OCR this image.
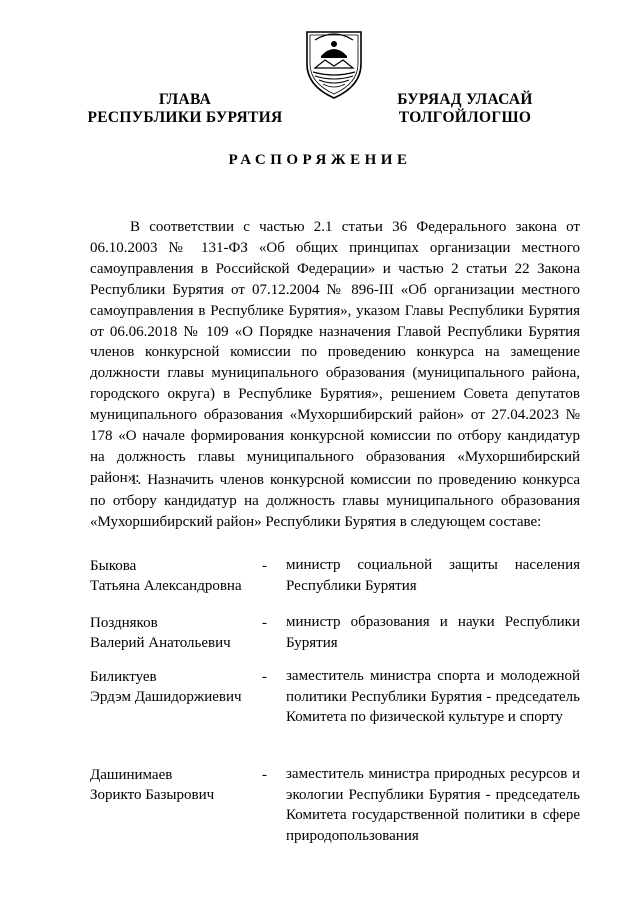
ГЛАВА
РЕСПУБЛИКИ БУРЯТИЯ
БУРЯАД УЛАСАЙ
ТОЛГОЙЛОГШО
РАСПОРЯЖЕНИЕ

В соответствии с частью 2.1 статьи 36 Федерального закона от 06.10.2003 № 131-ФЗ «Об общих принципах организации местного самоуправления в Российской Федерации» и частью 2 статьи 22 Закона Республики Бурятия от 07.12.2004 № 896-III «Об организации местного самоуправления в Республике Бурятия», указом Главы Республики Бурятия от 06.06.2018 № 109 «О Порядке назначения Главой Республики Бурятия членов конкурсной комиссии по проведению конкурса на замещение должности главы муниципального образования (муниципального района, городского округа) в Республике Бурятия», решением Совета депутатов муниципального образования «Мухоршибирский район» от 27.04.2023 № 178 «О начале формирования конкурсной комиссии по отбору кандидатур на должность главы муниципального образования «Мухоршибирский район»:

1. Назначить членов конкурсной комиссии по проведению конкурса по отбору кандидатур на должность главы муниципального образования «Мухоршибирский район» Республики Бурятия в следующем составе:

Быкова
Татьяна Александровна
- министр социальной защиты населения Республики Бурятия
Поздняков
Валерий Анатольевич
- министр образования и науки Республики Бурятия
Биликтуев
Эрдэм Дашидоржиевич
- заместитель министра спорта и молодежной политики Республики Бурятия - председатель Комитета по физической культуре и спорту
Дашинимаев
Зорикто Базырович
- заместитель министра природных ресурсов и экологии Республики Бурятия - председатель Комитета государственной политики в сфере природопользования
